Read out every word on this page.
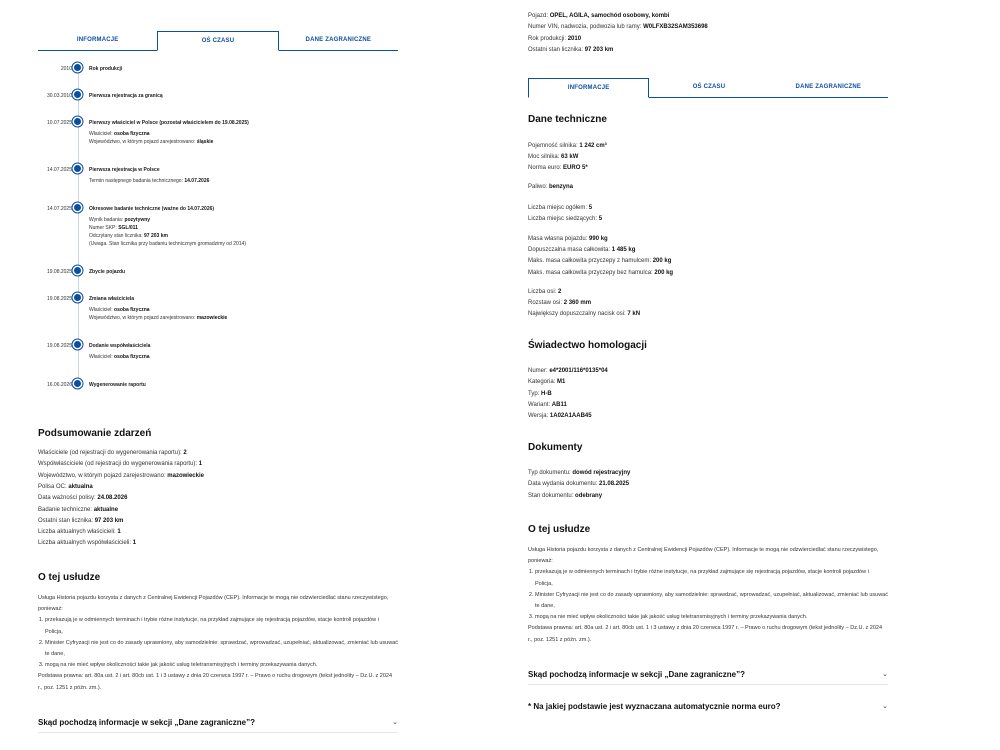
Pojazd: OPEL, AGILA, samochód osobowy, kombi
Numer VIN, nadwozia, podwozia lub ramy: W0LFXB32SAM353698
Rok produkcji: 2010
Ostatni stan licznika: 97 203 km
INFORMACJE	OŚ CZASU	DANE ZAGRANICZNE
Dane techniczne
Pojemność silnika: 1 242 cm³
Moc silnika: 63 kW
Norma euro: EURO 5*
Paliwo: benzyna
Liczba miejsc ogółem: 5
Liczba miejsc siedzących: 5
Masa własna pojazdu: 990 kg
Dopuszczalna masa całkowita: 1 485 kg
Maks. masa całkowita przyczepy z hamulcem: 200 kg
Maks. masa całkowita przyczepy bez hamulca: 200 kg
Liczba osi: 2
Rozstaw osi: 2 360 mm
Największy dopuszczalny nacisk osi: 7 kN
Świadectwo homologacji
Numer: e4*2001/116*0135*04
Kategoria: M1
Typ: H-B
Wariant: AB11
Wersja: 1A02A1AAB45
Dokumenty
Typ dokumentu: dowód rejestracyjny
Data wydania dokumentu: 21.08.2025
Stan dokumentu: odebrany
O tej usłudze
Usługa Historia pojazdu korzysta z danych z Centralnej Ewidencji Pojazdów (CEP). Informacje te mogą nie odzwierciedlać stanu rzeczywistego, ponieważ:
1. przekazują je w odmiennych terminach i trybie różne instytucje, na przykład zajmujące się rejestracją pojazdów, stacje kontroli pojazdów i Policja,
2. Minister Cyfryzacji nie jest co do zasady uprawniony, aby samodzielnie: sprawdzać, wprowadzać, uzupełniać, aktualizować, zmieniać lub usuwać te dane,
3. mogą na nie mieć wpływ okoliczności takie jak jakość usług teletransmisyjnych i terminy przekazywania danych.
Podstawa prawna: art. 80a ust. 2 i art. 80cb ust. 1 i 3 ustawy z dnia 20 czerwca 1997 r. – Prawo o ruchu drogowym (tekst jednolity – Dz.U. z 2024 r., poz. 1251 z późn. zm.).
Skąd pochodzą informacje w sekcji „Dane zagraniczne”?	⌄
* Na jakiej podstawie jest wyznaczana automatycznie norma euro?	⌄
INFORMACJE	OŚ CZASU	DANE ZAGRANICZNE
2010	Rok produkcji
30.03.2010	Pierwsza rejestracja za granicą
10.07.2025	Pierwszy właściciel w Polsce (pozostał właścicielem do 19.08.2025)
Właściciel: osoba fizyczna
Województwo, w którym pojazd zarejestrowano: śląskie
14.07.2025	Pierwsza rejestracja w Polsce
Termin następnego badania technicznego: 14.07.2026
14.07.2025	Okresowe badanie techniczne (ważne do 14.07.2026)
Wynik badania: pozytywny
Numer SKP: SGL/011
Odczytany stan licznika: 97 203 km
(Uwaga. Stan licznika przy badaniu technicznym gromadzimy od 2014)
19.08.2025	Zbycie pojazdu
19.08.2025	Zmiana właściciela
Właściciel: osoba fizyczna
Województwo, w którym pojazd zarejestrowano: mazowieckie
19.08.2025	Dodanie współwłaściciela
Właściciel: osoba fizyczna
16.06.2026	Wygenerowanie raportu
Podsumowanie zdarzeń
Właściciele (od rejestracji do wygenerowania raportu): 2
Współwłaściciele (od rejestracji do wygenerowania raportu): 1
Województwo, w którym pojazd zarejestrowano: mazowieckie
Polisa OC: aktualna
Data ważności polisy: 24.08.2026
Badanie techniczne: aktualne
Ostatni stan licznika: 97 203 km
Liczba aktualnych właścicieli: 1
Liczba aktualnych współwłaścicieli: 1
O tej usłudze
Usługa Historia pojazdu korzysta z danych z Centralnej Ewidencji Pojazdów (CEP). Informacje te mogą nie odzwierciedlać stanu rzeczywistego, ponieważ:
1. przekazują je w odmiennych terminach i trybie różne instytucje, na przykład zajmujące się rejestracją pojazdów, stacje kontroli pojazdów i Policja,
2. Minister Cyfryzacji nie jest co do zasady uprawniony, aby samodzielnie: sprawdzać, wprowadzać, uzupełniać, aktualizować, zmieniać lub usuwać te dane,
3. mogą na nie mieć wpływ okoliczności takie jak jakość usług teletransmisyjnych i terminy przekazywania danych.
Podstawa prawna: art. 80a ust. 2 i art. 80cb ust. 1 i 3 ustawy z dnia 20 czerwca 1997 r. – Prawo o ruchu drogowym (tekst jednolity – Dz.U. z 2024 r., poz. 1251 z późn. zm.).
Skąd pochodzą informacje w sekcji „Dane zagraniczne”?	⌄
